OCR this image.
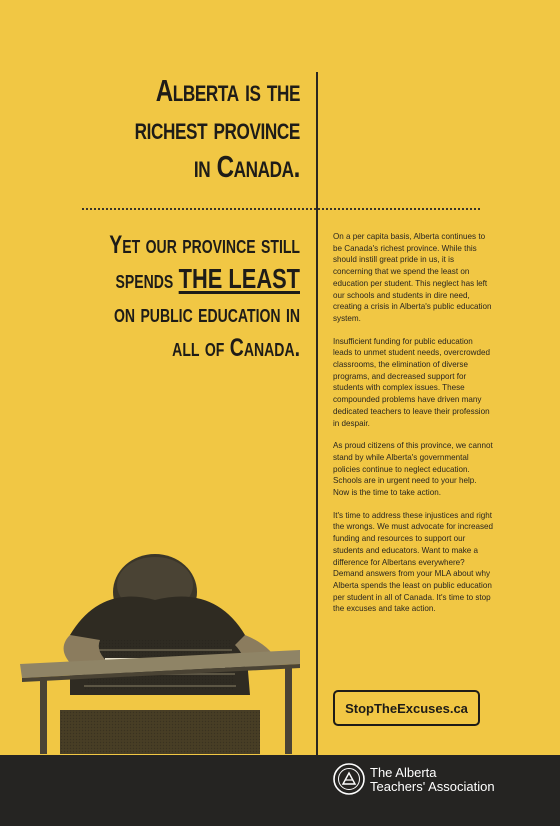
Alberta is the
richest province
in Canada.
Yet our province still
spends THE LEAST
on public education in
all of Canada.

On a per capita basis, Alberta continues to be Canada's richest province. While this should instill great pride in us, it is concerning that we spend the least on education per student. This neglect has left our schools and students in dire need, creating a crisis in Alberta's public education system.

Insufficient funding for public education leads to unmet student needs, overcrowded classrooms, the elimination of diverse programs, and decreased support for students with complex issues. These compounded problems have driven many dedicated teachers to leave their profession in despair.

As proud citizens of this province, we cannot stand by while Alberta's governmental policies continue to neglect education. Schools are in urgent need to your help. Now is the time to take action.

It's time to address these injustices and right the wrongs. We must advocate for increased funding and resources to support our students and educators. Want to make a difference for Albertans everywhere? Demand answers from your MLA about why Alberta spends the least on public education per student in all of Canada. It's time to stop the excuses and take action.

StopTheExcuses.ca
The Alberta
Teachers' Association
